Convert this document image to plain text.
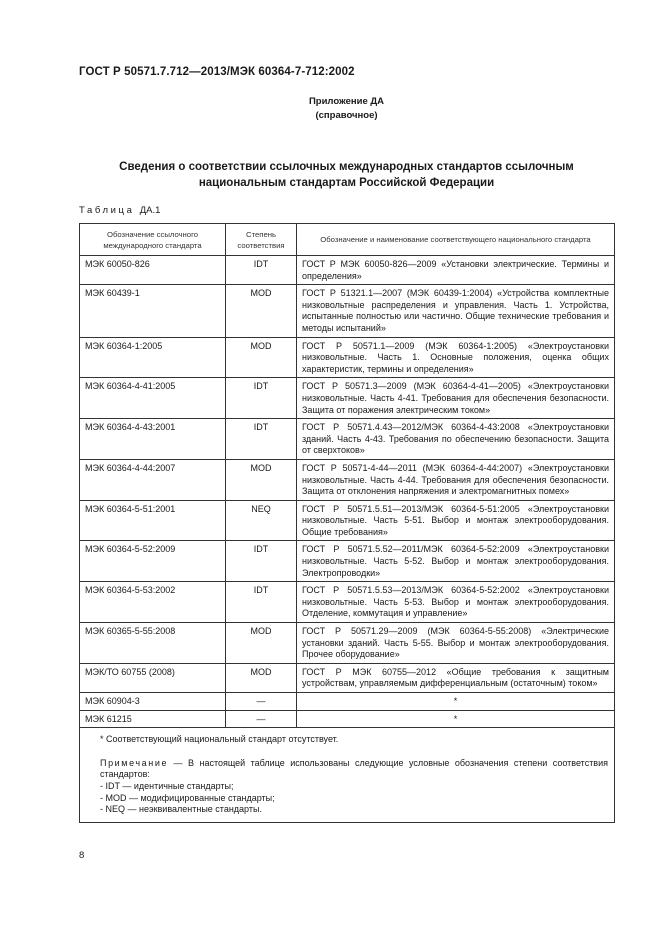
ГОСТ Р 50571.7.712—2013/МЭК 60364-7-712:2002
Приложение ДА
(справочное)
Сведения о соответствии ссылочных международных стандартов ссылочным национальным стандартам Российской Федерации
Таблица ДА.1
Обозначение ссылочного международного стандарта	Степень соответствия	Обозначение и наименование соответствующего национального стандарта
МЭК 60050-826	IDT	ГОСТ Р МЭК 60050-826—2009 «Установки электрические. Термины и определения»
МЭК 60439-1	MOD	ГОСТ Р 51321.1—2007 (МЭК 60439-1:2004) «Устройства комплектные низковольтные распределения и управления. Часть 1. Устройства, испытанные полностью или частично. Общие технические требования и методы испытаний»
МЭК 60364-1:2005	MOD	ГОСТ Р 50571.1—2009 (МЭК 60364-1:2005) «Электроустановки низковольтные. Часть 1. Основные положения, оценка общих характеристик, термины и определения»
МЭК 60364-4-41:2005	IDT	ГОСТ Р 50571.3—2009 (МЭК 60364-4-41—2005) «Электроустановки низковольтные. Часть 4-41. Требования для обеспечения безопасности. Защита от поражения электрическим током»
МЭК 60364-4-43:2001	IDT	ГОСТ Р 50571.4.43—2012/МЭК 60364-4-43:2008 «Электроустановки зданий. Часть 4-43. Требования по обеспечению безопасности. Защита от сверхтоков»
МЭК 60364-4-44:2007	MOD	ГОСТ Р 50571-4-44—2011 (МЭК 60364-4-44:2007) «Электроустановки низковольтные. Часть 4-44. Требования для обеспечения безопасности. Защита от отклонения напряжения и электромагнитных помех»
МЭК 60364-5-51:2001	NEQ	ГОСТ Р 50571.5.51—2013/МЭК 60364-5-51:2005 «Электроустановки низковольтные. Часть 5-51. Выбор и монтаж электрооборудования. Общие требования»
МЭК 60364-5-52:2009	IDT	ГОСТ Р 50571.5.52—2011/МЭК 60364-5-52:2009 «Электроустановки низковольтные. Часть 5-52. Выбор и монтаж электрооборудования. Электропроводки»
МЭК 60364-5-53:2002	IDT	ГОСТ Р 50571.5.53—2013/МЭК 60364-5-52:2002 «Электроустановки низковольтные. Часть 5-53. Выбор и монтаж электрооборудования. Отделение, коммутация и управление»
МЭК 60365-5-55:2008	MOD	ГОСТ Р 50571.29—2009 (МЭК 60364-5-55:2008) «Электрические установки зданий. Часть 5-55. Выбор и монтаж электрооборудования. Прочее оборудование»
МЭК/ТО 60755 (2008)	MOD	ГОСТ Р МЭК 60755—2012 «Общие требования к защитным устройствам, управляемым дифференциальным (остаточным) током»
МЭК 60904-3	—	*
МЭК 61215	—	*

* Соответствующий национальный стандарт отсутствует.
Примечание — В настоящей таблице использованы следующие условные обозначения степени соответствия стандартов:
- IDT — идентичные стандарты;
- MOD — модифицированные стандарты;
- NEQ — неэквивалентные стандарты.		
8
